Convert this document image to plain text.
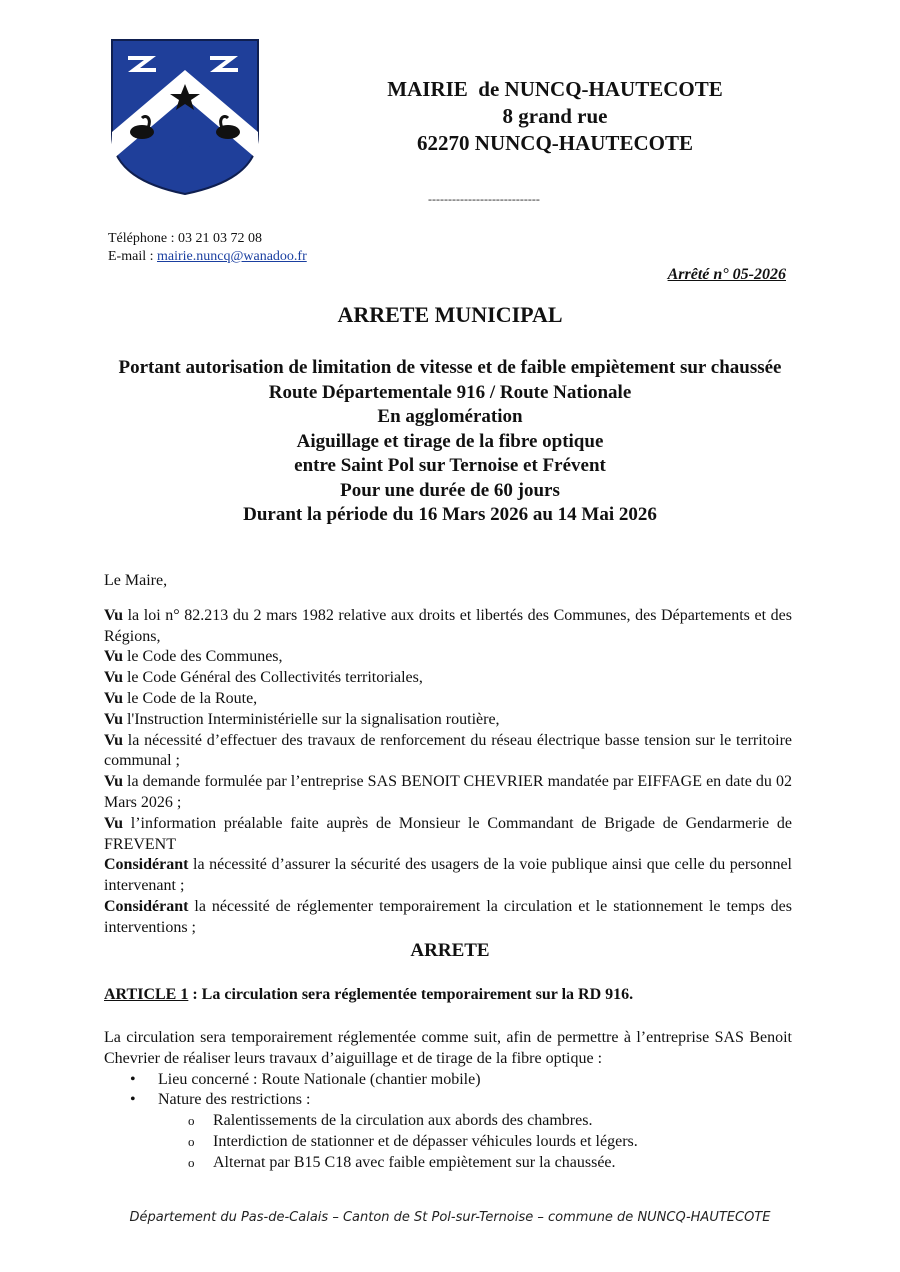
MAIRIE  de NUNCQ-HAUTECOTE
8 grand rue
62270 NUNCQ-HAUTECOTE
----------------------------
Téléphone : 03 21 03 72 08
E-mail : mairie.nuncq@wanadoo.fr
Arrêté n° 05-2026
ARRETE MUNICIPAL
Portant autorisation de limitation de vitesse et de faible empiètement sur chaussée
Route Départementale 916 / Route Nationale
En agglomération
Aiguillage et tirage de la fibre optique
entre Saint Pol sur Ternoise et Frévent
Pour une durée de 60 jours
Durant la période du 16 Mars 2026 au 14 Mai 2026

Le Maire,

Vu la loi n° 82.213 du 2 mars 1982 relative aux droits et libertés des Communes, des Départements et des Régions,

Vu le Code des Communes,

Vu le Code Général des Collectivités territoriales,

Vu le Code de la Route,

Vu l'Instruction Interministérielle sur la signalisation routière,

Vu la nécessité d’effectuer des travaux de renforcement du réseau électrique basse tension sur le territoire communal ;

Vu la demande formulée par l’entreprise SAS BENOIT CHEVRIER mandatée par EIFFAGE en date du 02 Mars 2026 ;

Vu l’information préalable faite auprès de Monsieur le Commandant de Brigade de Gendarmerie de FREVENT

Considérant la nécessité d’assurer la sécurité des usagers de la voie publique ainsi que celle du personnel intervenant ;

Considérant la nécessité de réglementer temporairement la circulation et le stationnement le temps des interventions ;

ARRETE
ARTICLE 1 : La circulation sera réglementée temporairement sur la RD 916.

La circulation sera temporairement réglementée comme suit, afin de permettre à l’entreprise SAS Benoit Chevrier de réaliser leurs travaux d’aiguillage et de tirage de la fibre optique :

• Lieu concerné : Route Nationale (chantier mobile)
• Nature des restrictions :
o Ralentissements de la circulation aux abords des chambres.
o Interdiction de stationner et de dépasser véhicules lourds et légers.
o Alternat par B15 C18 avec faible empiètement sur la chaussée.
Département du Pas-de-Calais – Canton de St Pol-sur-Ternoise – commune de NUNCQ-HAUTECOTE
